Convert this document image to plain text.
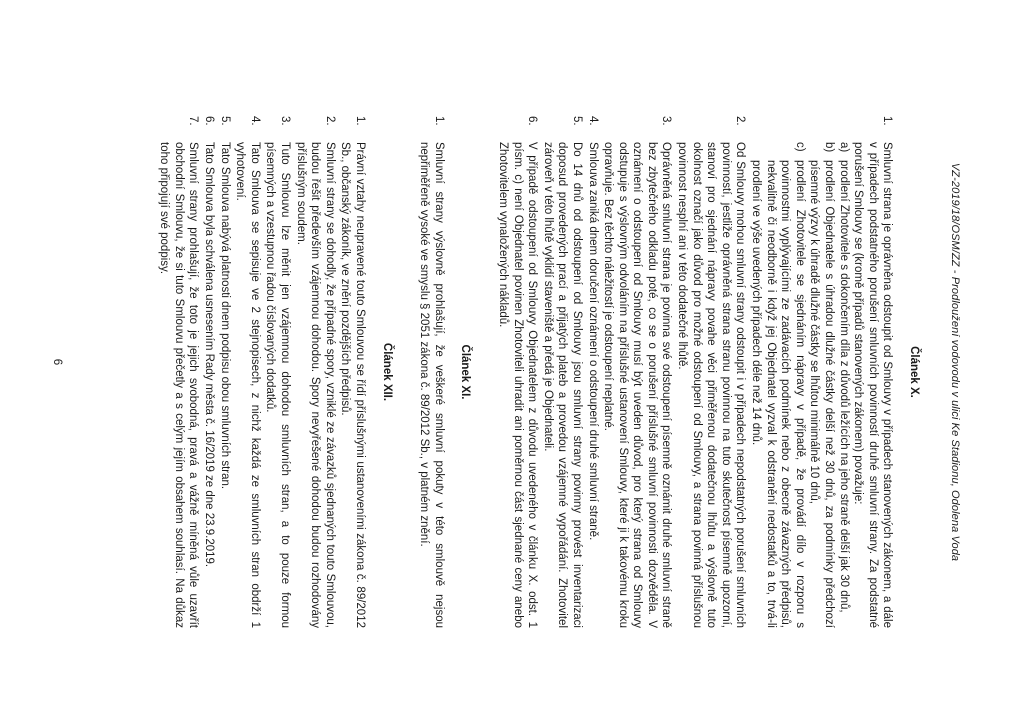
VZ-2019/18/OSM/ZZ - Prodloužení vodovodu v ulici Ke Stadionu, Odolena Voda
Článek X.
1.
Smluvní strana je oprávněna odstoupit od Smlouvy v případech stanovených zákonem, a dále v případech podstatného porušení smluvních povinností druhé smluvní strany. Za podstatné porušení Smlouvy se (kromě případů stanovených zákonem) považuje:
a)
prodlení Zhotovitele s dokončením díla z důvodů ležících na jeho straně delší jak 30 dnů,
b)
prodlení Objednatele s úhradou dlužné částky delší než 30 dnů, za podmínky předchozí písemné výzvy k úhradě dlužné částky se lhůtou minimálně 10 dnů,
c)
prodlení Zhotovitele se sjednáním nápravy v případě, že provádí dílo v rozporu s povinnostmi vyplývajícími ze zadávacích podmínek nebo z obecně závazných předpisů, nekvalitně či neodborně i když jej Objednatel vyzval k odstranění nedostatků a to, trvá-li prodlení ve výše uvedených případech déle než 14 dnů.
2.
Od Smlouvy mohou smluvní strany odstoupit i v případech nepodstatných porušení smluvních povinností, jestliže oprávněná strana stranu povinnou na tuto skutečnost písemně upozorní, stanoví pro sjednání nápravy povahe věci přiměřenou dodatečnou lhůtu a výslovně tuto okolnost označí jako důvod pro možné odstoupení od Smlouvy, a strana povinná příslušnou povinnost nesplní ani v této dodatečné lhůtě.
3.
Oprávněná smluvní strana je povinna své odstoupení písemně oznámit druhé smluvní straně bez zbytečného odkladu poté, co se o porušení příslušné smluvní povinnosti dozvěděla. V oznámení o odstoupení od Smlouvy musí být uveden důvod, pro který strana od Smlouvy odstupuje s výslovným odvoláním na příslušné ustanovení Smlouvy, které ji k takovému kroku opravňuje. Bez těchto náležitostí je odstoupení neplatné.
4.
Smlouva zaniká dnem doručení oznámení o odstoupení druhé smluvní straně.
5.
Do 14 dnů od odstoupení od Smlouvy jsou smluvní strany povinny provést inventarizaci doposud provedených prací a přijatých plateb a provedou vzájemné vypořádání. Zhotovitel zároveň v této lhůtě vyklidí staveniště a předá je Objednateli.
6.
V případě odstoupení od Smlouvy Objednatelem z důvodu uvedeného v článku X. odst. 1 písm. c) není Objednatel povinen Zhotoviteli uhradit ani poměrnou část sjednané ceny anebo Zhotovitelem vynaložených nákladů.
Článek XI.
1.
Smluvní strany výslovně prohlašují, že veškeré smluvní pokuty v této smlouvě nejsou nepřiměřeně vysoké ve smyslu § 2051 zákona č. 89/2012 Sb., v platném znění.
Článek XII.
1.
Právní vztahy neupravené touto Smlouvou se řídí příslušnými ustanoveními zákona č. 89/2012 Sb., občanský zákoník, ve znění pozdějších předpisů.
2.
Smluvní strany se dohodly, že případné spory, vzniklé ze závazků sjednaných touto Smlouvou, budou řešit především vzájemnou dohodou. Spory nevyřešené dohodou budou rozhodovány příslušným soudem.
3.
Tuto Smlouvu lze měnit jen vzájemnou dohodou smluvních stran, a to pouze formou písemných a vzestupnou řadou číslovaných dodatků.
4.
Tato Smlouva se sepisuje ve 2 stejnopisech, z nichž každá ze smluvních stran obdrží 1 vyhotovení.
5.
Tato Smlouva nabývá platnosti dnem podpisu obou smluvních stran.
6.
Tato Smlouva byla schválena usnesením Rady města č. 16/2019 ze dne 23.9.2019.
7.
Smluvní strany prohlašují, že toto je jejich svobodná, pravá a vážně míněná vůle uzavřít obchodní Smlouvu, že si tuto Smlouvu přečetly a s celým jejím obsahem souhlasí. Na důkaz toho připojují své podpisy.
6
